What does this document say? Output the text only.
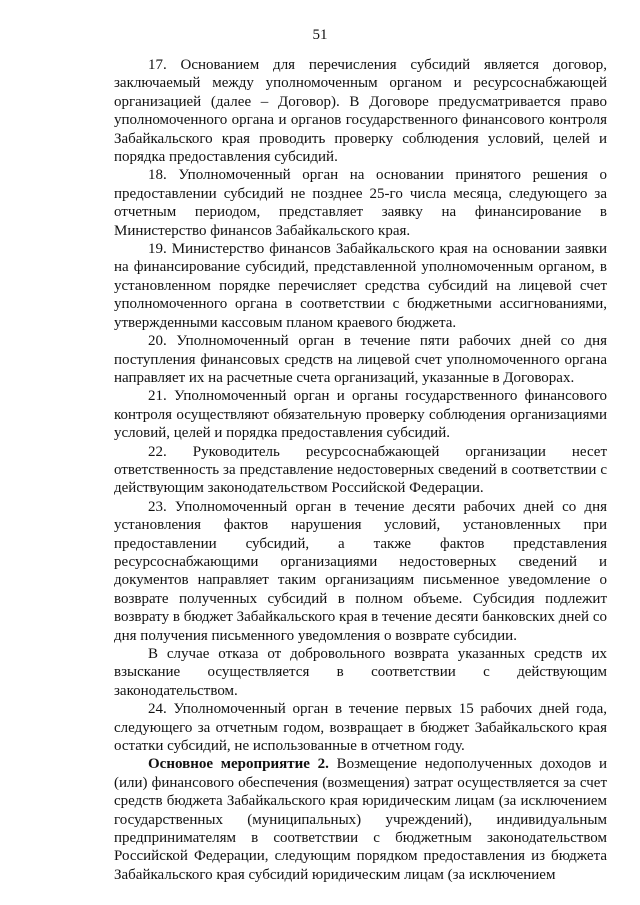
51

17. Основанием для перечисления субсидий является договор, заключаемый между уполномоченным органом и ресурсоснабжающей организацией (далее – Договор). В Договоре предусматривается право уполномоченного органа и органов государственного финансового контроля Забайкальского края проводить проверку соблюдения условий, целей и порядка предоставления субсидий.

18. Уполномоченный орган на основании принятого решения о предоставлении субсидий не позднее 25-го числа месяца, следующего за отчетным периодом, представляет заявку на финансирование в Министерство финансов Забайкальского края.

19. Министерство финансов Забайкальского края на основании заявки на финансирование субсидий, представленной уполномоченным органом, в установленном порядке перечисляет средства субсидий на лицевой счет уполномоченного органа в соответствии с бюджетными ассигнованиями, утвержденными кассовым планом краевого бюджета.

20. Уполномоченный орган в течение пяти рабочих дней со дня поступления финансовых средств на лицевой счет уполномоченного органа направляет их на расчетные счета организаций, указанные в Договорах.

21. Уполномоченный орган и органы государственного финансового контроля осуществляют обязательную проверку соблюдения организациями условий, целей и порядка предоставления субсидий.

22. Руководитель ресурсоснабжающей организации несет ответственность за представление недостоверных сведений в соответствии с действующим законодательством Российской Федерации.

23. Уполномоченный орган в течение десяти рабочих дней со дня установления фактов нарушения условий, установленных при предоставлении субсидий, а также фактов представления ресурсоснабжающими организациями недостоверных сведений и документов направляет таким организациям письменное уведомление о возврате полученных субсидий в полном объеме. Субсидия подлежит возврату в бюджет Забайкальского края в течение десяти банковских дней со дня получения письменного уведомления о возврате субсидии.

В случае отказа от добровольного возврата указанных средств их взыскание осуществляется в соответствии с действующим законодательством.

24. Уполномоченный орган в течение первых 15 рабочих дней года, следующего за отчетным годом, возвращает в бюджет Забайкальского края остатки субсидий, не использованные в отчетном году.

Основное мероприятие 2. Возмещение недополученных доходов и (или) финансового обеспечения (возмещения) затрат осуществляется за счет средств бюджета Забайкальского края юридическим лицам (за исключением государственных (муниципальных) учреждений), индивидуальным предпринимателям в соответствии с бюджетным законодательством Российской Федерации, следующим порядком предоставления из бюджета Забайкальского края субсидий юридическим лицам (за исключением
